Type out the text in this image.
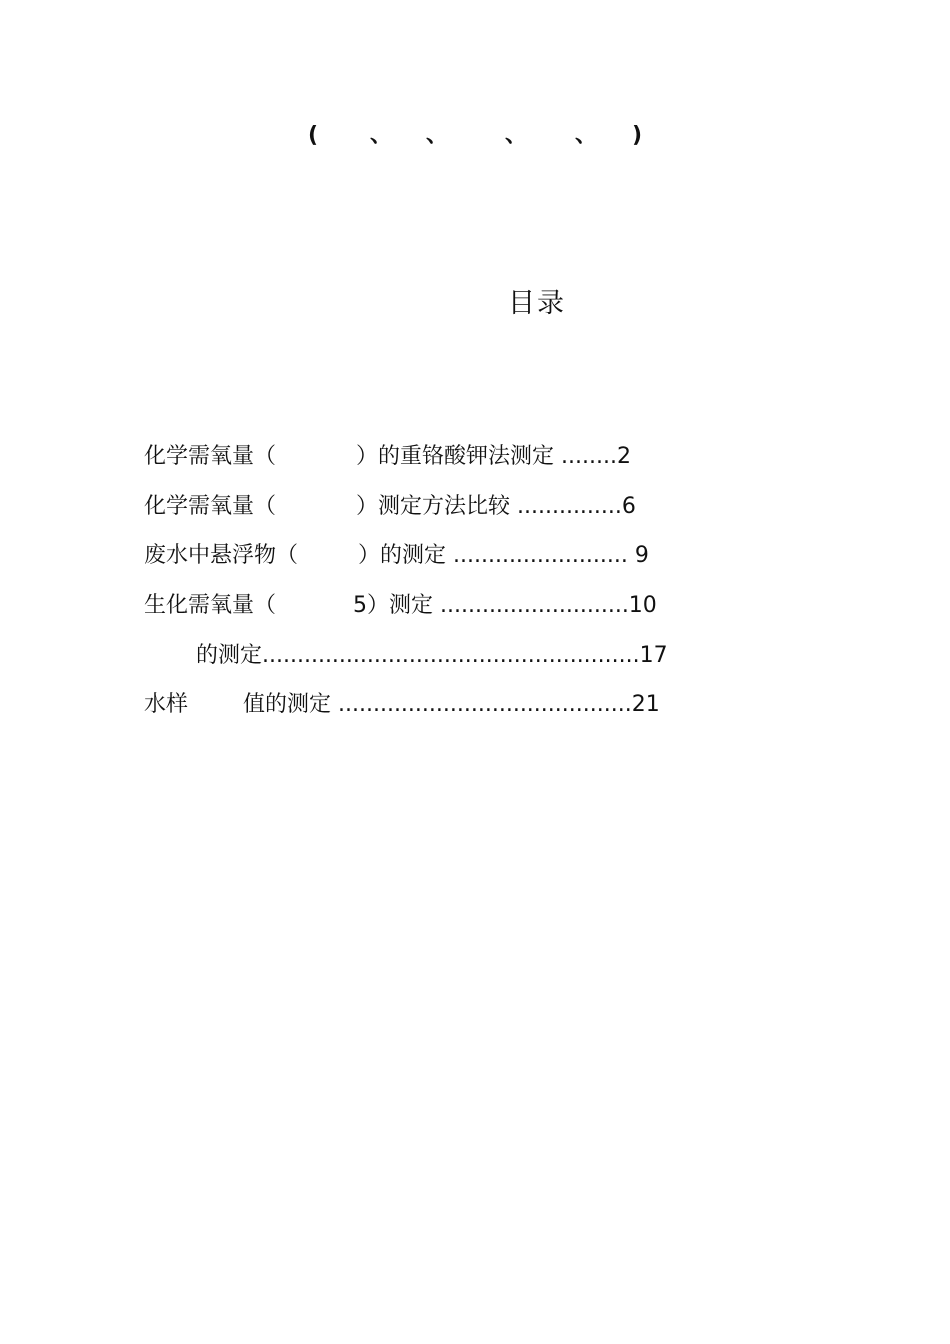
( 、 、	、 、 )
目录
化学需氧量（	）的重铬酸钾法测定 ........2
化学需氧量（	）测定方法比较 ...............6
废水中悬浮物（	）的测定 ......................... 9
生化需氧量（	5）测定 ...........................10
的测定......................................................17
水样 值的测定 ..........................................21
